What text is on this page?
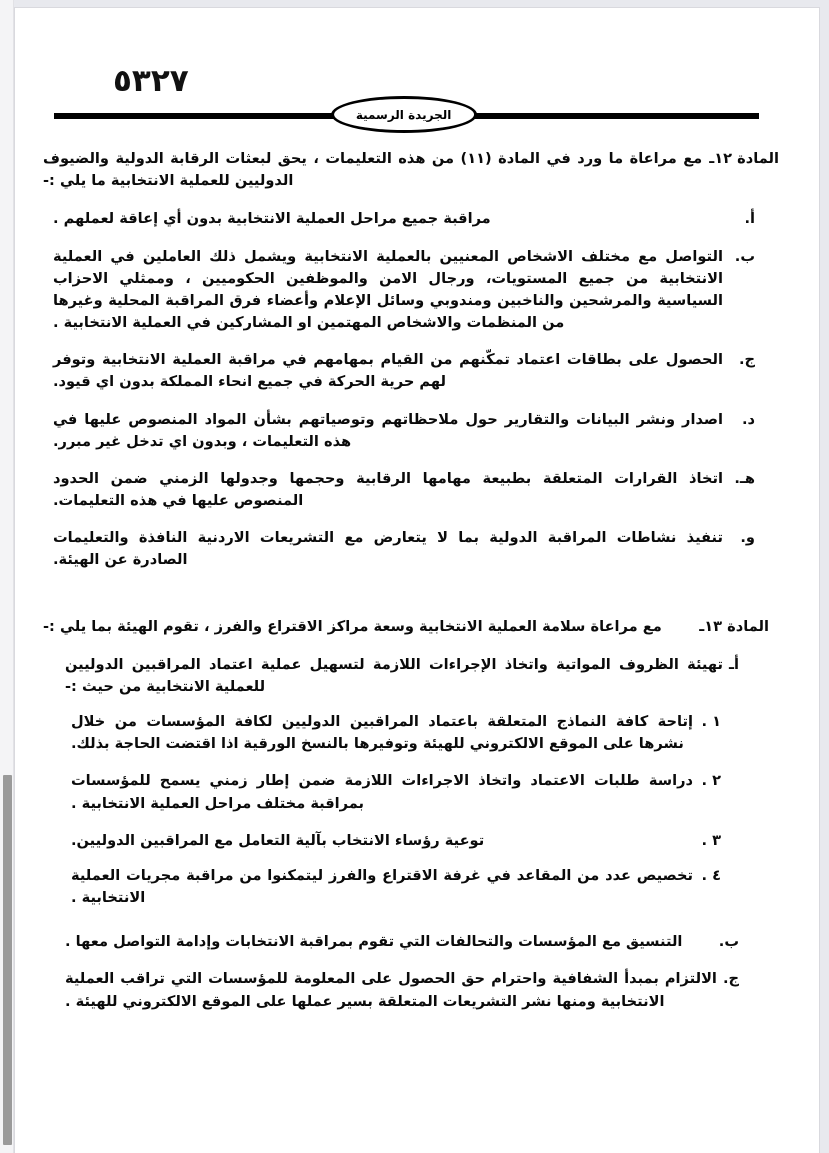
٥٣٢٧
الجريدة الرسمية
المادة ١٢ـ
مع مراعاة ما ورد في المادة (١١) من هذه التعليمات ، يحق لبعثات الرقابة الدولية والضيوف الدوليين للعملية الانتخابية ما يلي :-
أ.
مراقبة جميع مراحل العملية الانتخابية بدون أي إعاقة لعملهم .
ب.
التواصل مع مختلف الاشخاص المعنيين بالعملية الانتخابية ويشمل ذلك العاملين في العملية الانتخابية من جميع المستويات، ورجال الامن والموظفين الحكوميين ، وممثلي الاحزاب السياسية والمرشحين والناخبين ومندوبي وسائل الإعلام وأعضاء فرق المراقبة المحلية وغيرها من المنظمات والاشخاص المهتمين او المشاركين في العملية الانتخابية .
ج.
الحصول على بطاقات اعتماد تمكّنهم من القيام بمهامهم في مراقبة العملية الانتخابية وتوفر لهم حرية الحركة في جميع انحاء المملكة بدون اي قيود.
د.
اصدار ونشر البيانات والتقارير حول ملاحظاتهم وتوصياتهم بشأن المواد المنصوص عليها في هذه التعليمات ، وبدون اي تدخل غير مبرر.
هـ.
اتخاذ القرارات المتعلقة بطبيعة مهامها الرقابية وحجمها وجدولها الزمني ضمن الحدود المنصوص عليها في هذه التعليمات.
و.
تنفيذ نشاطات المراقبة الدولية بما لا يتعارض مع التشريعات الاردنية النافذة والتعليمات الصادرة عن الهيئة.
المادة ١٣ـ
مع مراعاة سلامة العملية الانتخابية وسعة مراكز الاقتراع والفرز ، تقوم الهيئة بما يلي :-
أـ
تهيئة الظروف المواتية واتخاذ الإجراءات اللازمة لتسهيل عملية اعتماد المراقبين الدوليين للعملية الانتخابية من حيث :-
١ .
إتاحة كافة النماذج المتعلقة باعتماد المراقبين الدوليين لكافة المؤسسات من خلال نشرها على الموقع الالكتروني للهيئة وتوفيرها بالنسخ الورقية اذا اقتضت الحاجة بذلك.
٢ .
دراسة طلبات الاعتماد واتخاذ الاجراءات اللازمة ضمن إطار زمني يسمح للمؤسسات بمراقبة مختلف مراحل العملية الانتخابية .
٣ .
توعية رؤساء الانتخاب بآلية التعامل مع المراقبين الدوليين.
٤ .
تخصيص عدد من المقاعد في غرفة الاقتراع والفرز ليتمكنوا من مراقبة مجريات العملية الانتخابية .
ب.
التنسيق مع المؤسسات والتحالفات التي تقوم بمراقبة الانتخابات وإدامة التواصل معها .
ج.
الالتزام بمبدأ الشفافية واحترام حق الحصول على المعلومة للمؤسسات التي تراقب العملية الانتخابية ومنها نشر التشريعات المتعلقة بسير عملها على الموقع الالكتروني للهيئة .
